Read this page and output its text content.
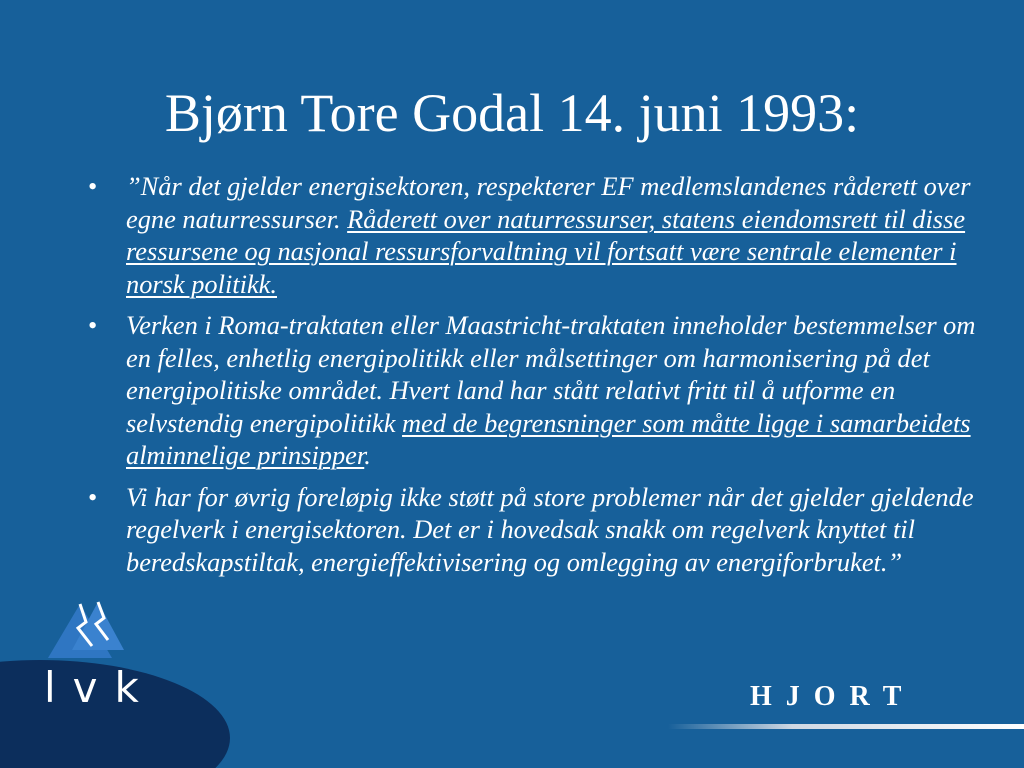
Bjørn Tore Godal 14. juni 1993:
• ”Når det gjelder energisektoren, respekterer EF medlemslandenes råderett over egne naturressurser. Råderett over naturressurser, statens eiendomsrett til disse ressursene og nasjonal ressursforvaltning vil fortsatt være sentrale elementer i norsk politikk.
• Verken i Roma-traktaten eller Maastricht-traktaten inneholder bestemmelser om en felles, enhetlig energipolitikk eller målsettinger om harmonisering på det energipolitiske området. Hvert land har stått relativt fritt til å utforme en selvstendig energipolitikk med de begrensninger som måtte ligge i samarbeidets alminnelige prinsipper.
• Vi har for øvrig foreløpig ikke støtt på store problemer når det gjelder gjeldende regelverk i energisektoren. Det er i hovedsak snakk om regelverk knyttet til beredskapstiltak, energieffektivisering og omlegging av energiforbruket.”
lvk	HJORT
